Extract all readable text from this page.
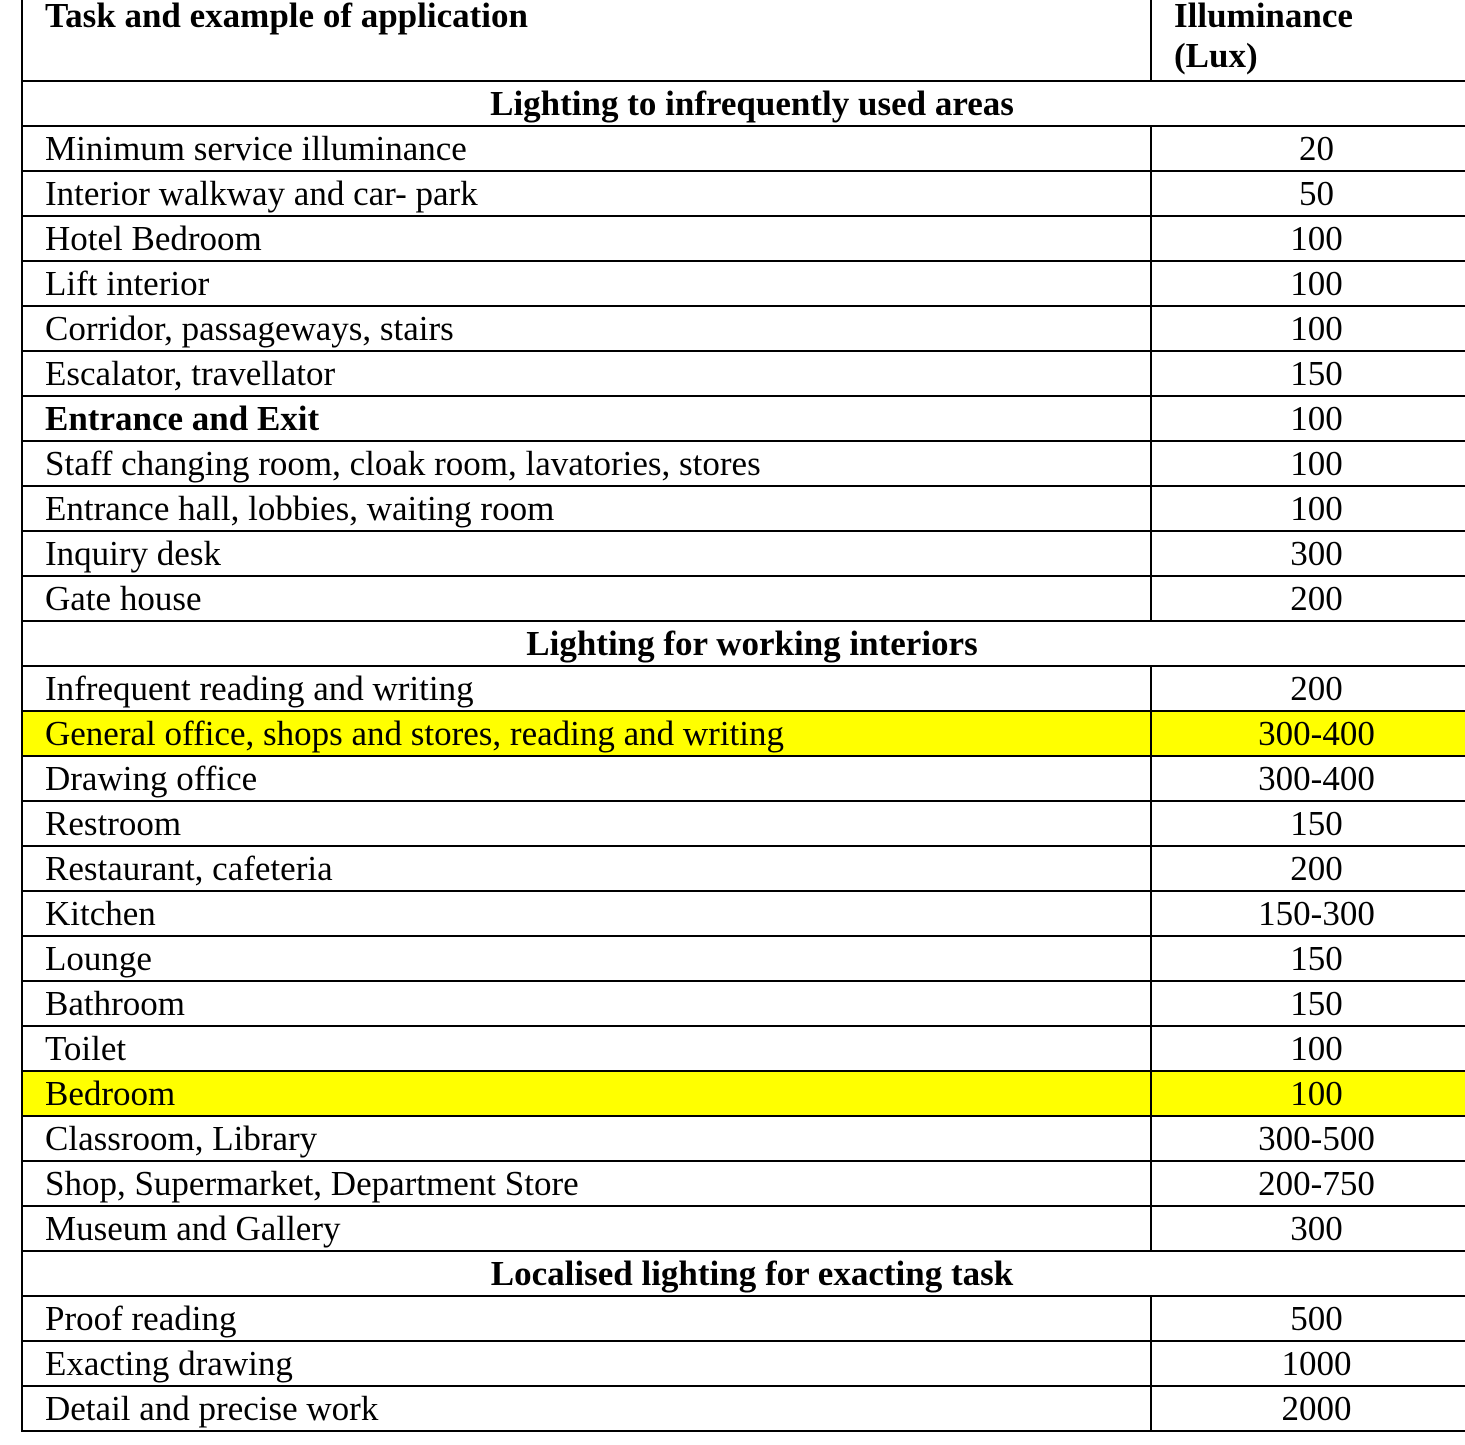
Task and example of application	Illuminance
(Lux)
Lighting to infrequently used areas	
Minimum service illuminance	20
Interior walkway and car- park	50
Hotel Bedroom	100
Lift interior	100
Corridor, passageways, stairs	100
Escalator, travellator	150
Entrance and Exit	100
Staff changing room, cloak room, lavatories, stores	100
Entrance hall, lobbies, waiting room	100
Inquiry desk	300
Gate house	200
Lighting for working interiors	
Infrequent reading and writing	200
General office, shops and stores, reading and writing	300-400
Drawing office	300-400
Restroom	150
Restaurant, cafeteria	200
Kitchen	150-300
Lounge	150
Bathroom	150
Toilet	100
Bedroom	100
Classroom, Library	300-500
Shop, Supermarket, Department Store	200-750
Museum and Gallery	300
Localised lighting for exacting task	
Proof reading	500
Exacting drawing	1000
Detail and precise work	2000
